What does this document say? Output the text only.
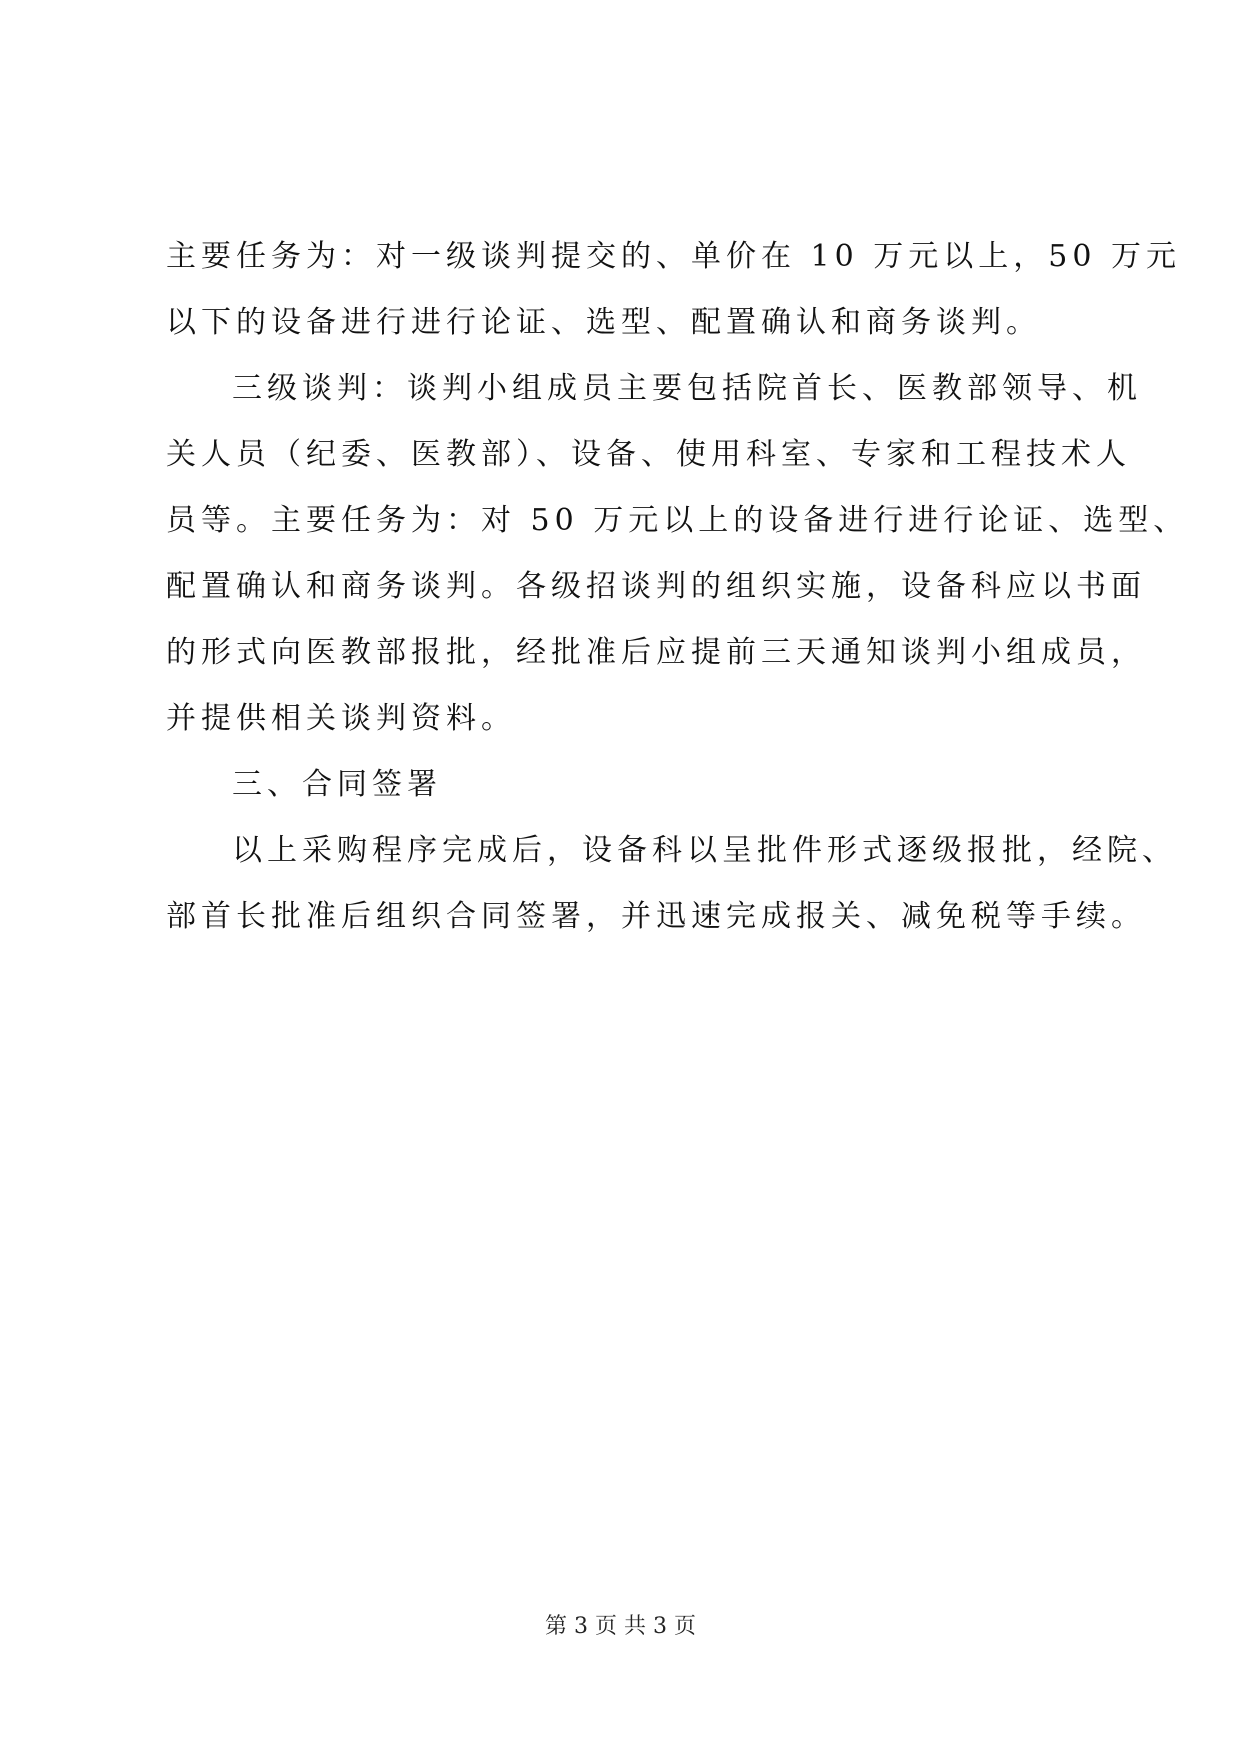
主要任务为：对一级谈判提交的、单价在 10 万元以上，50 万元
以下的设备进行进行论证、选型、配置确认和商务谈判。
三级谈判：谈判小组成员主要包括院首长、医教部领导、机
关人员（纪委、医教部）、设备、使用科室、专家和工程技术人
员等。主要任务为：对 50 万元以上的设备进行进行论证、选型、
配置确认和商务谈判。各级招谈判的组织实施，设备科应以书面
的形式向医教部报批，经批准后应提前三天通知谈判小组成员，
并提供相关谈判资料。
三、合同签署
以上采购程序完成后，设备科以呈批件形式逐级报批，经院、
部首长批准后组织合同签署，并迅速完成报关、减免税等手续。
第 3 页 共 3 页
